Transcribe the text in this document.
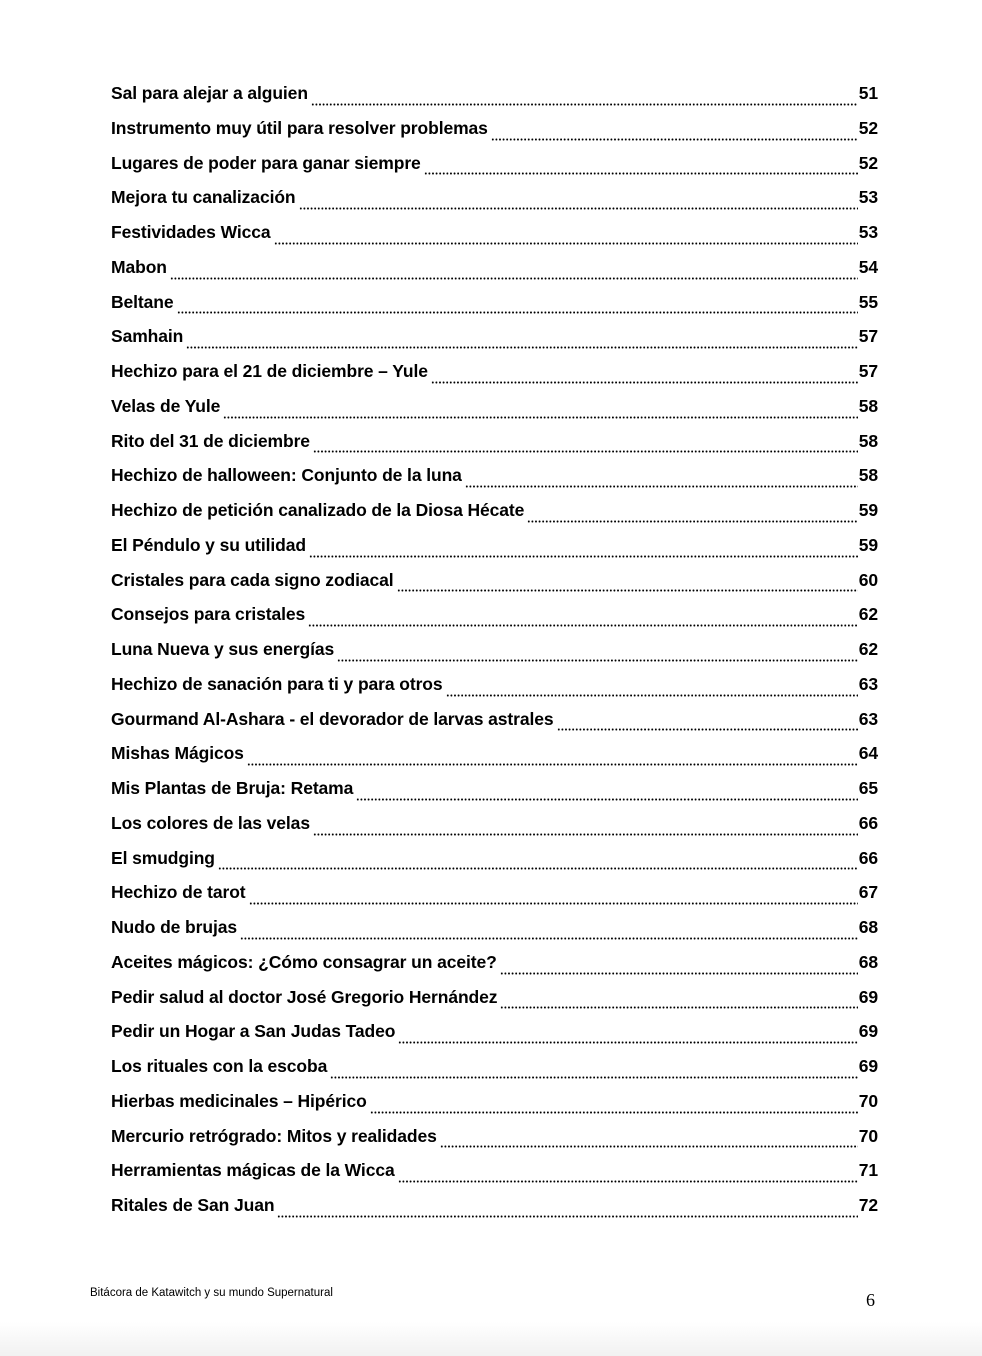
Sal para alejar a alguien	51
Instrumento muy útil para resolver problemas	52
Lugares de poder para ganar siempre	52
Mejora tu canalización	53
Festividades Wicca	53
Mabon	54
Beltane	55
Samhain	57
Hechizo para el 21 de diciembre – Yule	57
Velas de Yule	58
Rito del 31 de diciembre	58
Hechizo de halloween: Conjunto de la luna	58
Hechizo de petición canalizado de la Diosa Hécate	59
El Péndulo y su utilidad	59
Cristales para cada signo zodiacal	60
Consejos para cristales	62
Luna Nueva y sus energías	62
Hechizo de sanación para ti y para otros	63
Gourmand Al-Ashara - el devorador de larvas astrales	63
Mishas Mágicos	64
Mis Plantas de Bruja: Retama	65
Los colores de las velas	66
El smudging	66
Hechizo de tarot	67
Nudo de brujas	68
Aceites mágicos: ¿Cómo consagrar un aceite?	68
Pedir salud al doctor José Gregorio Hernández	69
Pedir un Hogar a San Judas Tadeo	69
Los rituales con la escoba	69
Hierbas medicinales – Hipérico	70
Mercurio retrógrado: Mitos y realidades	70
Herramientas mágicas de la Wicca	71
Ritales de San Juan	72
Bitácora de Katawitch y su mundo Supernatural	6
